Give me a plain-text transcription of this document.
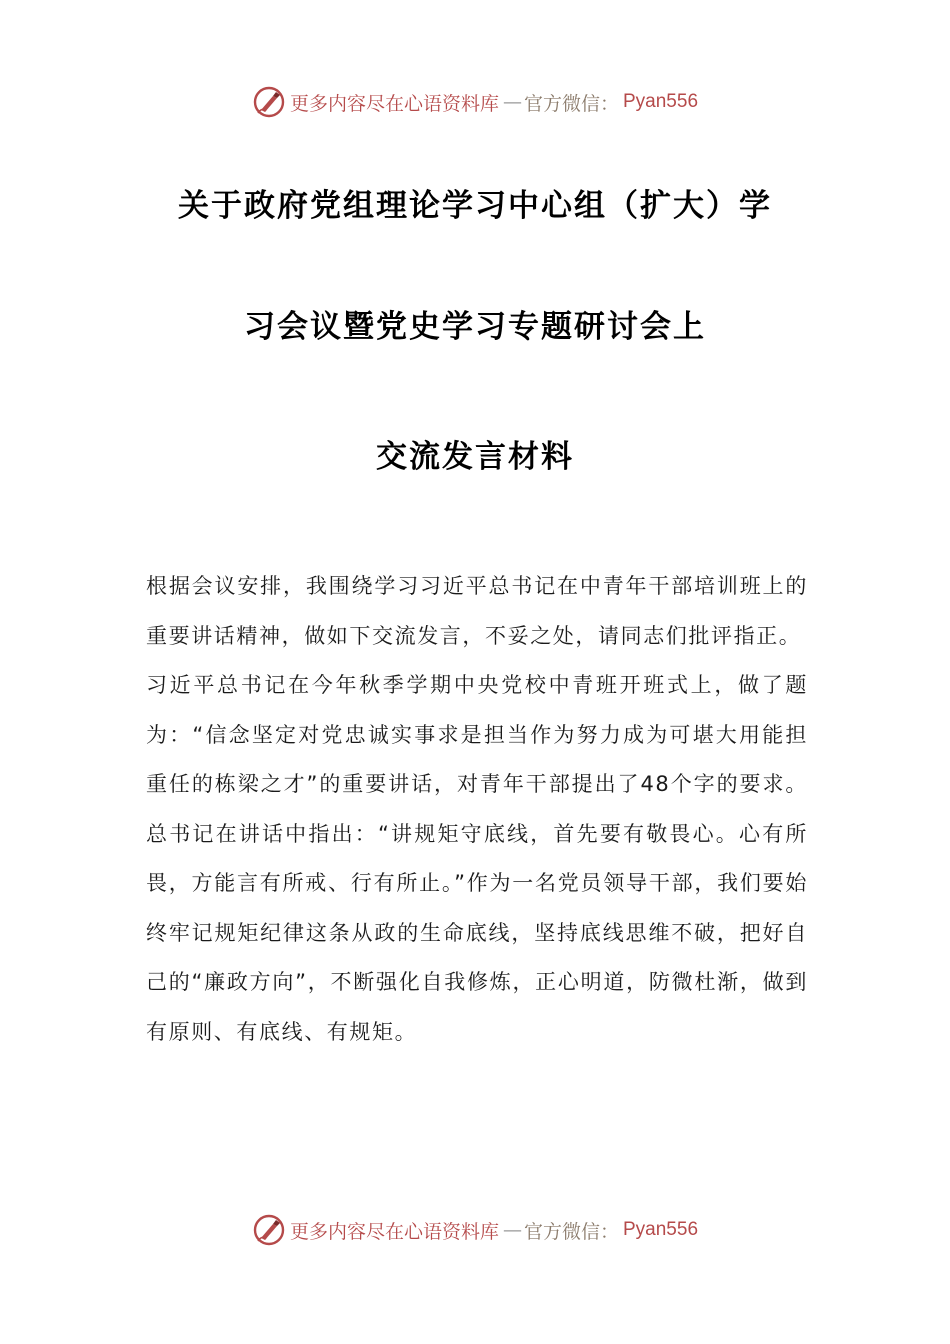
更多内容尽在心语资料库 — 官方微信： Pyan556
关于政府党组理论学习中心组（扩大）学
习会议暨党史学习专题研讨会上
交流发言材料

根据会议安排，我围绕学习习近平总书记在中青年干部培训班上的重要讲话精神，做如下交流发言，不妥之处，请同志们批评指正。

习近平总书记在今年秋季学期中央党校中青班开班式上，做了题为：“信念坚定对党忠诚实事求是担当作为努力成为可堪大用能担重任的栋梁之才”的重要讲话，对青年干部提出了48个字的要求。总书记在讲话中指出：“讲规矩守底线，首先要有敬畏心。心有所畏，方能言有所戒、行有所止。”作为一名党员领导干部，我们要始终牢记规矩纪律这条从政的生命底线，坚持底线思维不破，把好自己的“廉政方向”，不断强化自我修炼，正心明道，防微杜渐，做到有原则、有底线、有规矩。

更多内容尽在心语资料库 — 官方微信： Pyan556
